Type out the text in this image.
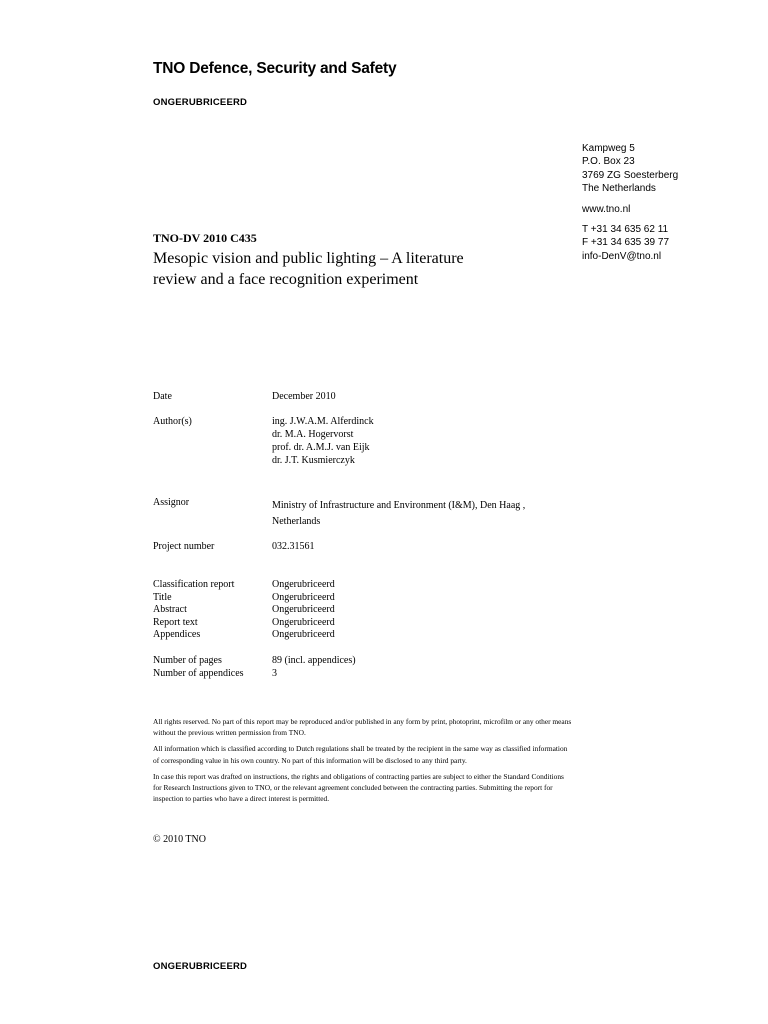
TNO Defence, Security and Safety
ONGERUBRICEERD
Kampweg 5
P.O. Box 23
3769 ZG Soesterberg
The Netherlands
www.tno.nl
T +31 34 635 62 11
F +31 34 635 39 77
info-DenV@tno.nl
TNO-DV 2010 C435
Mesopic vision and public lighting – A literature
review and a face recognition experiment
Date	December 2010
Author(s)	ing. J.W.A.M. Alferdinck
dr. M.A. Hogervorst
prof. dr. A.M.J. van Eijk
dr. J.T. Kusmierczyk
Assignor	Ministry of Infrastructure and Environment (I&M), Den Haag ,
Netherlands
Project number	032.31561
Classification report	Ongerubriceerd
Title	Ongerubriceerd
Abstract	Ongerubriceerd
Report text	Ongerubriceerd
Appendices	Ongerubriceerd
Number of pages	89 (incl. appendices)
Number of appendices	3

All rights reserved. No part of this report may be reproduced and/or published in any form by print, photoprint, microfilm or any other means without the previous written permission from TNO.

All information which is classified according to Dutch regulations shall be treated by the recipient in the same way as classified information of corresponding value in his own country. No part of this information will be disclosed to any third party.

In case this report was drafted on instructions, the rights and obligations of contracting parties are subject to either the Standard Conditions for Research Instructions given to TNO, or the relevant agreement concluded between the contracting parties. Submitting the report for inspection to parties who have a direct interest is permitted.

© 2010 TNO
ONGERUBRICEERD
